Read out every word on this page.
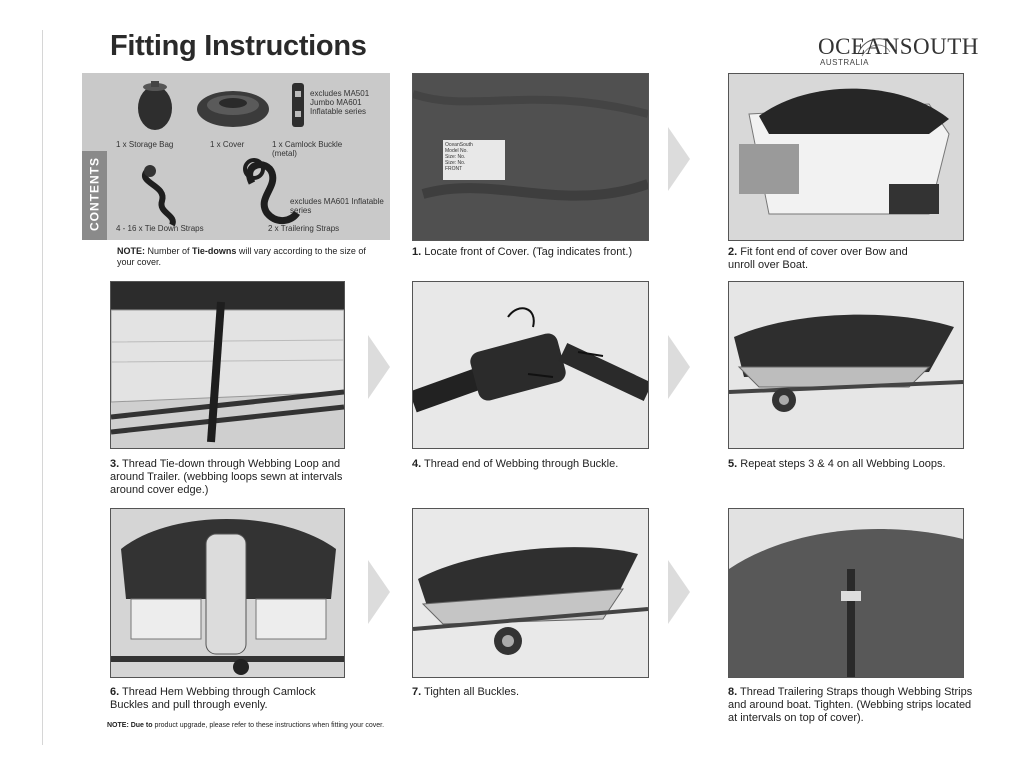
Fitting Instructions	OCEANSOUTH
AUSTRALIA
excludes MA501 Jumbo MA601 Inflatable series
1 x Storage Bag	1 x Cover	1 x Camlock Buckle (metal)
excludes MA601 Inflatable series
4 - 16 x Tie Down Straps	2 x Trailering Straps
CONTENTS
NOTE: Number of Tie-downs will vary according to the size of your cover.
OceanSouth
Model No.
Size: No.
Size: No.
FRONT
1. Locate front of Cover. (Tag indicates front.)	2. Fit font end of cover over Bow and unroll over Boat.
3. Thread Tie-down through Webbing Loop and around Trailer. (webbing loops sewn at intervals around cover edge.)
4. Thread end of Webbing through Buckle.	5. Repeat steps 3 & 4 on all Webbing Loops.
6. Thread Hem Webbing through Camlock Buckles and pull through evenly.
7. Tighten all Buckles.	8. Thread Trailering Straps though Webbing Strips and around boat. Tighten. (Webbing strips located at intervals on top of cover).
NOTE: Due to product upgrade, please refer to these instructions when fitting your cover.
